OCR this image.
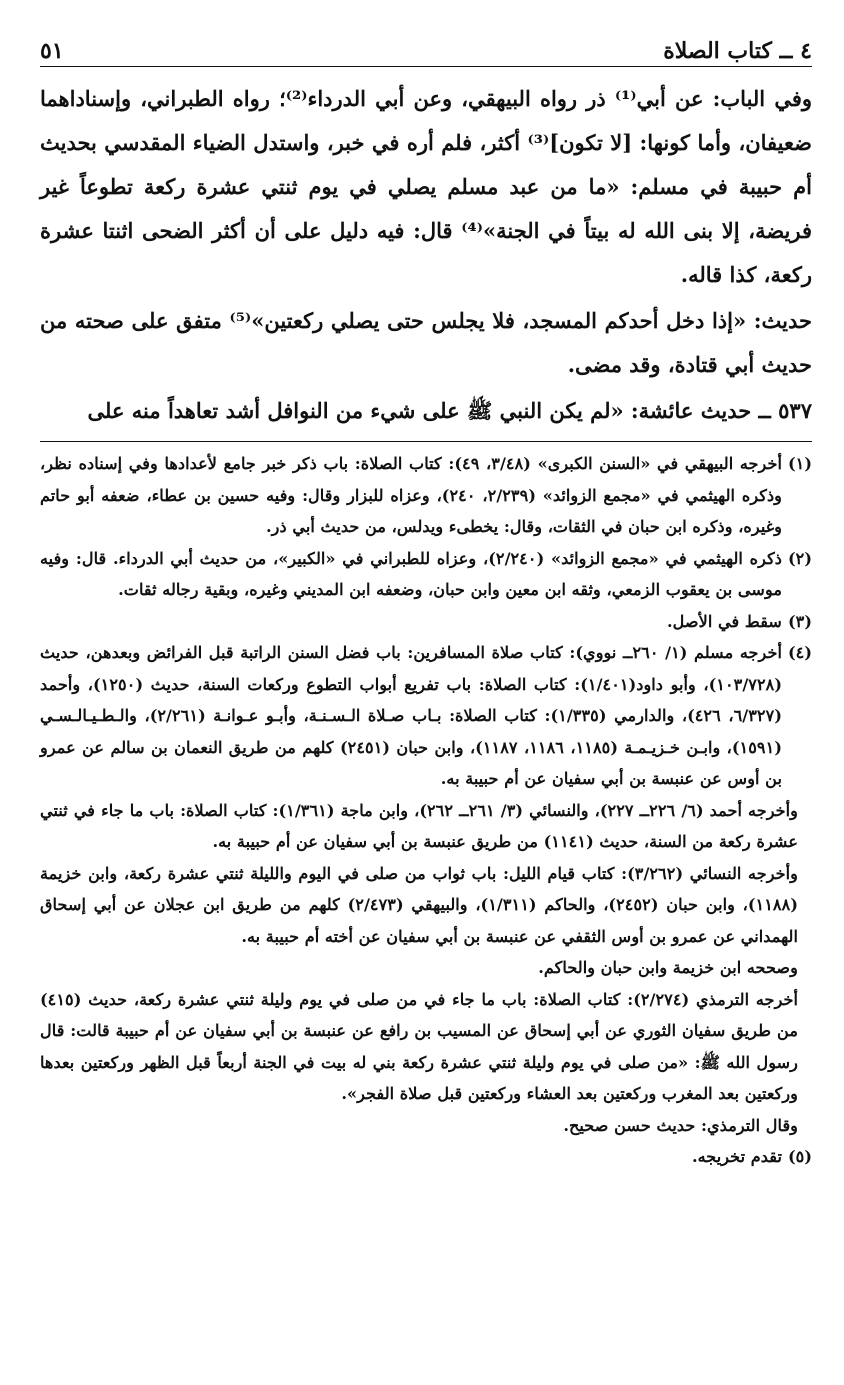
٤ ــ كتاب الصلاة
٥١

وفي الباب: عن أبي⁽¹⁾ ذر رواه البيهقي، وعن أبي الدرداء⁽²⁾؛ رواه الطبراني، وإسناداهما ضعيفان، وأما كونها: [لا تكون]⁽³⁾ أكثر، فلم أره في خبر، واستدل الضياء المقدسي بحديث أم حبيبة في مسلم: «ما من عبد مسلم يصلي في يوم ثنتي عشرة ركعة تطوعاً غير فريضة، إلا بنى الله له بيتاً في الجنة»⁽⁴⁾ قال: فيه دليل على أن أكثر الضحى اثنتا عشرة ركعة، كذا قاله.

حديث: «إذا دخل أحدكم المسجد، فلا يجلس حتى يصلي ركعتين»⁽⁵⁾ متفق على صحته من حديث أبي قتادة، وقد مضى.

٥٣٧ ــ حديث عائشة: «لم يكن النبي ﷺ على شيء من النوافل أشد تعاهداً منه على

(١)
أخرجه البيهقي في «السنن الكبرى» (٣/٤٨، ٤٩): كتاب الصلاة: باب ذكر خبر جامع لأعدادها وفي إسناده نظر، وذكره الهيثمي في «مجمع الزوائد» (٢/٢٣٩، ٢٤٠)، وعزاه للبزار وقال: وفيه حسين بن عطاء، ضعفه أبو حاتم وغيره، وذكره ابن حبان في الثقات، وقال: يخطىء ويدلس، من حديث أبي ذر.
(٢)
ذكره الهيثمي في «مجمع الزوائد» (٢/٢٤٠)، وعزاه للطبراني في «الكبير»، من حديث أبي الدرداء. قال: وفيه موسى بن يعقوب الزمعي، وثقه ابن معين وابن حبان، وضعفه ابن المديني وغيره، وبقية رجاله ثقات.
(٣)
سقط في الأصل.
(٤)
أخرجه مسلم (١/ ٢٦٠ــ نووي): كتاب صلاة المسافرين: باب فضل السنن الراتبة قبل الفرائض وبعدهن، حديث (١٠٣/٧٢٨)، وأبو داود(١/٤٠١): كتاب الصلاة: باب تفريع أبواب التطوع وركعات السنة، حديث (١٢٥٠)، وأحمد (٦/٣٢٧، ٤٢٦)، والدارمي (١/٣٣٥): كتاب الصلاة: بـاب صـلاة الـسـنـة، وأبـو عـوانـة (٢/٢٦١)، والـطـيـالـسـي (١٥٩١)، وابـن خـزيـمـة (١١٨٥، ١١٨٦، ١١٨٧)، وابن حبان (٢٤٥١) كلهم من طريق النعمان بن سالم عن عمرو بن أوس عن عنبسة بن أبي سفيان عن أم حبيبة به.
وأخرجه أحمد (٦/ ٢٢٦ــ ٢٢٧)، والنسائي (٣/ ٢٦١ــ ٢٦٢)، وابن ماجة (١/٣٦١): كتاب الصلاة: باب ما جاء في ثنتي عشرة ركعة من السنة، حديث (١١٤١) من طريق عنبسة بن أبي سفيان عن أم حبيبة به.
وأخرجه النسائي (٣/٢٦٢): كتاب قيام الليل: باب ثواب من صلى في اليوم والليلة ثنتي عشرة ركعة، وابن خزيمة (١١٨٨)، وابن حبان (٢٤٥٢)، والحاكم (١/٣١١)، والبيهقي (٢/٤٧٣) كلهم من طريق ابن عجلان عن أبي إسحاق الهمداني عن عمرو بن أوس الثقفي عن عنبسة بن أبي سفيان عن أخته أم حبيبة به.
وصححه ابن خزيمة وابن حبان والحاكم.
أخرجه الترمذي (٢/٢٧٤): كتاب الصلاة: باب ما جاء في من صلى في يوم وليلة ثنتي عشرة ركعة، حديث (٤١٥) من طريق سفيان الثوري عن أبي إسحاق عن المسيب بن رافع عن عنبسة بن أبي سفيان عن أم حبيبة قالت: قال رسول الله ﷺ: «من صلى في يوم وليلة ثنتي عشرة ركعة بني له بيت في الجنة أربعاً قبل الظهر وركعتين بعدها وركعتين بعد المغرب وركعتين بعد العشاء وركعتين قبل صلاة الفجر».
وقال الترمذي: حديث حسن صحيح.
(٥)
تقدم تخريجه.
